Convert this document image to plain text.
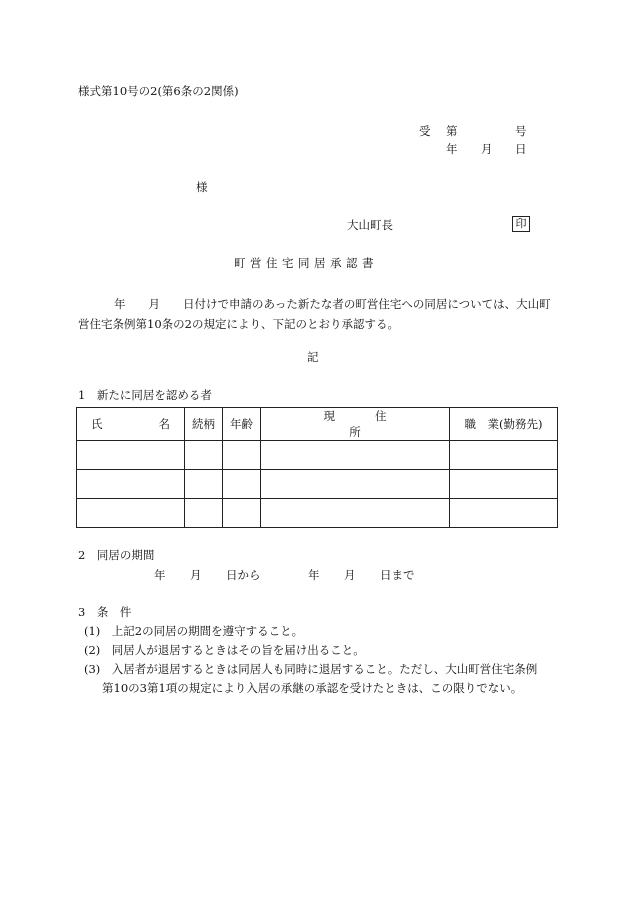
様式第10号の2(第6条の2関係)
受 第	号
年 月 日
様
大山町長	印
町営住宅同居承認書
年　　月　　日付けで申請のあった新たな者の町営住宅への同居については、大山町営住宅条例第10条の2の規定により、下記のとおり承認する。
記
1　新たに同居を認める者
氏名	続柄	年齢	現住所	職　業(勤務先)

2　同居の期間
年 月 日から	年 月 日まで
3　条　件
(1)　上記2の同居の期間を遵守すること。
(2)　同居人が退居するときはその旨を届け出ること。
(3)　入居者が退居するときは同居人も同時に退居すること。ただし、大山町営住宅条例
第10の3第1項の規定により入居の承継の承認を受けたときは、この限りでない。
